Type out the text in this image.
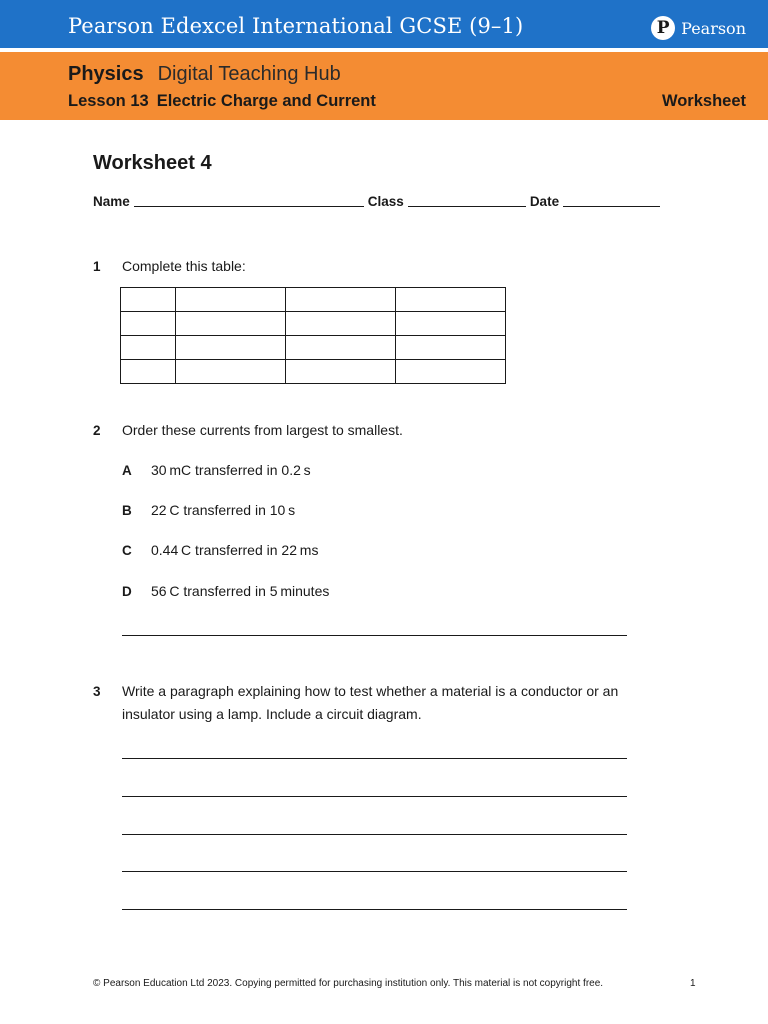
Pearson Edexcel International GCSE (9–1)	P Pearson
Physics Digital Teaching Hub
Lesson 13 Electric Charge and Current	Worksheet
Worksheet 4
Name	Class	Date
1 Complete this table:

2 Order these currents from largest to smallest.
A 30 mC transferred in 0.2 s
B 22 C transferred in 10 s
C 0.44 C transferred in 22 ms
D 56 C transferred in 5 minutes
3 Write a paragraph explaining how to test whether a material is a conductor or an
insulator using a lamp. Include a circuit diagram.
© Pearson Education Ltd 2023. Copying permitted for purchasing institution only. This material is not copyright free.	1
